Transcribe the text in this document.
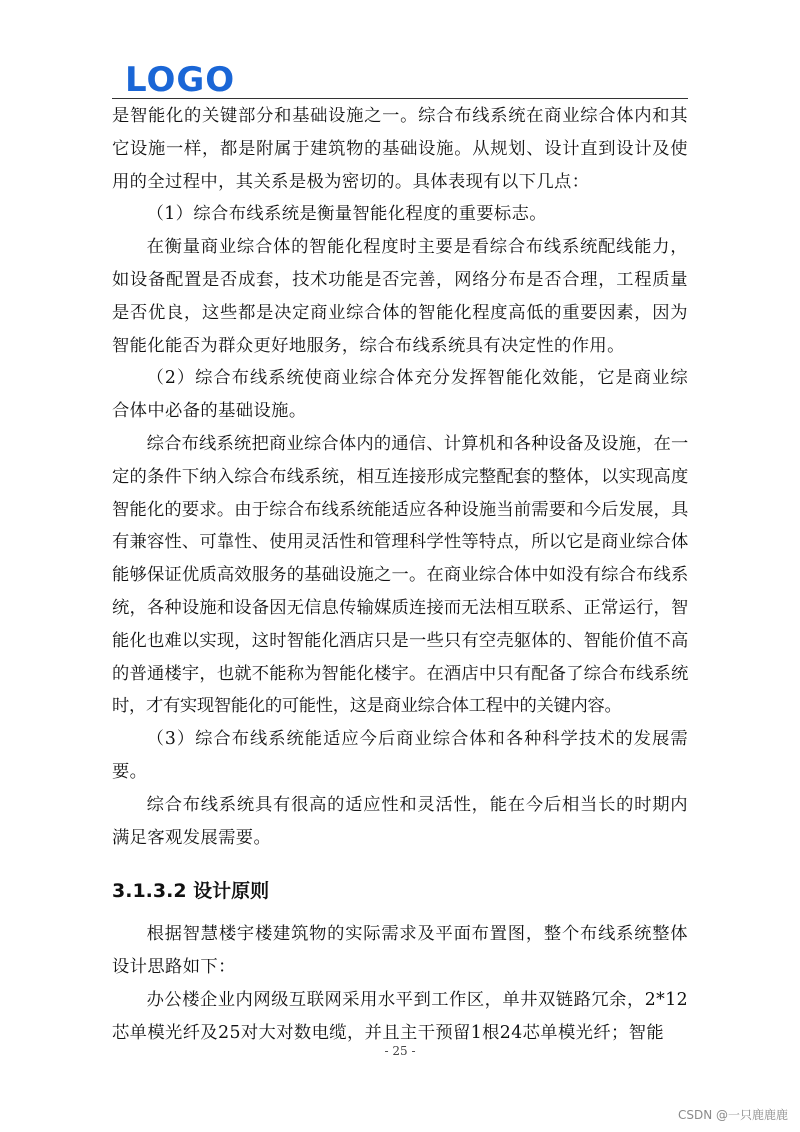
LOGO

是智能化的关键部分和基础设施之一。综合布线系统在商业综合体内和其它设施一样，都是附属于建筑物的基础设施。从规划、设计直到设计及使用的全过程中，其关系是极为密切的。具体表现有以下几点：

（1）综合布线系统是衡量智能化程度的重要标志。

在衡量商业综合体的智能化程度时主要是看综合布线系统配线能力，如设备配置是否成套，技术功能是否完善，网络分布是否合理，工程质量是否优良，这些都是决定商业综合体的智能化程度高低的重要因素，因为智能化能否为群众更好地服务，综合布线系统具有决定性的作用。

（2）综合布线系统使商业综合体充分发挥智能化效能，它是商业综合体中必备的基础设施。

综合布线系统把商业综合体内的通信、计算机和各种设备及设施，在一定的条件下纳入综合布线系统，相互连接形成完整配套的整体，以实现高度智能化的要求。由于综合布线系统能适应各种设施当前需要和今后发展，具有兼容性、可靠性、使用灵活性和管理科学性等特点，所以它是商业综合体能够保证优质高效服务的基础设施之一。在商业综合体中如没有综合布线系统，各种设施和设备因无信息传输媒质连接而无法相互联系、正常运行，智能化也难以实现，这时智能化酒店只是一些只有空壳躯体的、智能价值不高的普通楼宇，也就不能称为智能化楼宇。在酒店中只有配备了综合布线系统时，才有实现智能化的可能性，这是商业综合体工程中的关键内容。

（3）综合布线系统能适应今后商业综合体和各种科学技术的发展需要。

综合布线系统具有很高的适应性和灵活性，能在今后相当长的时期内满足客观发展需要。

3.1.3.2 设计原则

根据智慧楼宇楼建筑物的实际需求及平面布置图，整个布线系统整体设计思路如下：

办公楼企业内网级互联网采用水平到工作区，单井双链路冗余，2*12芯单模光纤及25对大对数电缆，并且主干预留1根24芯单模光纤；智能

- 25 -
CSDN @一只鹿鹿鹿
